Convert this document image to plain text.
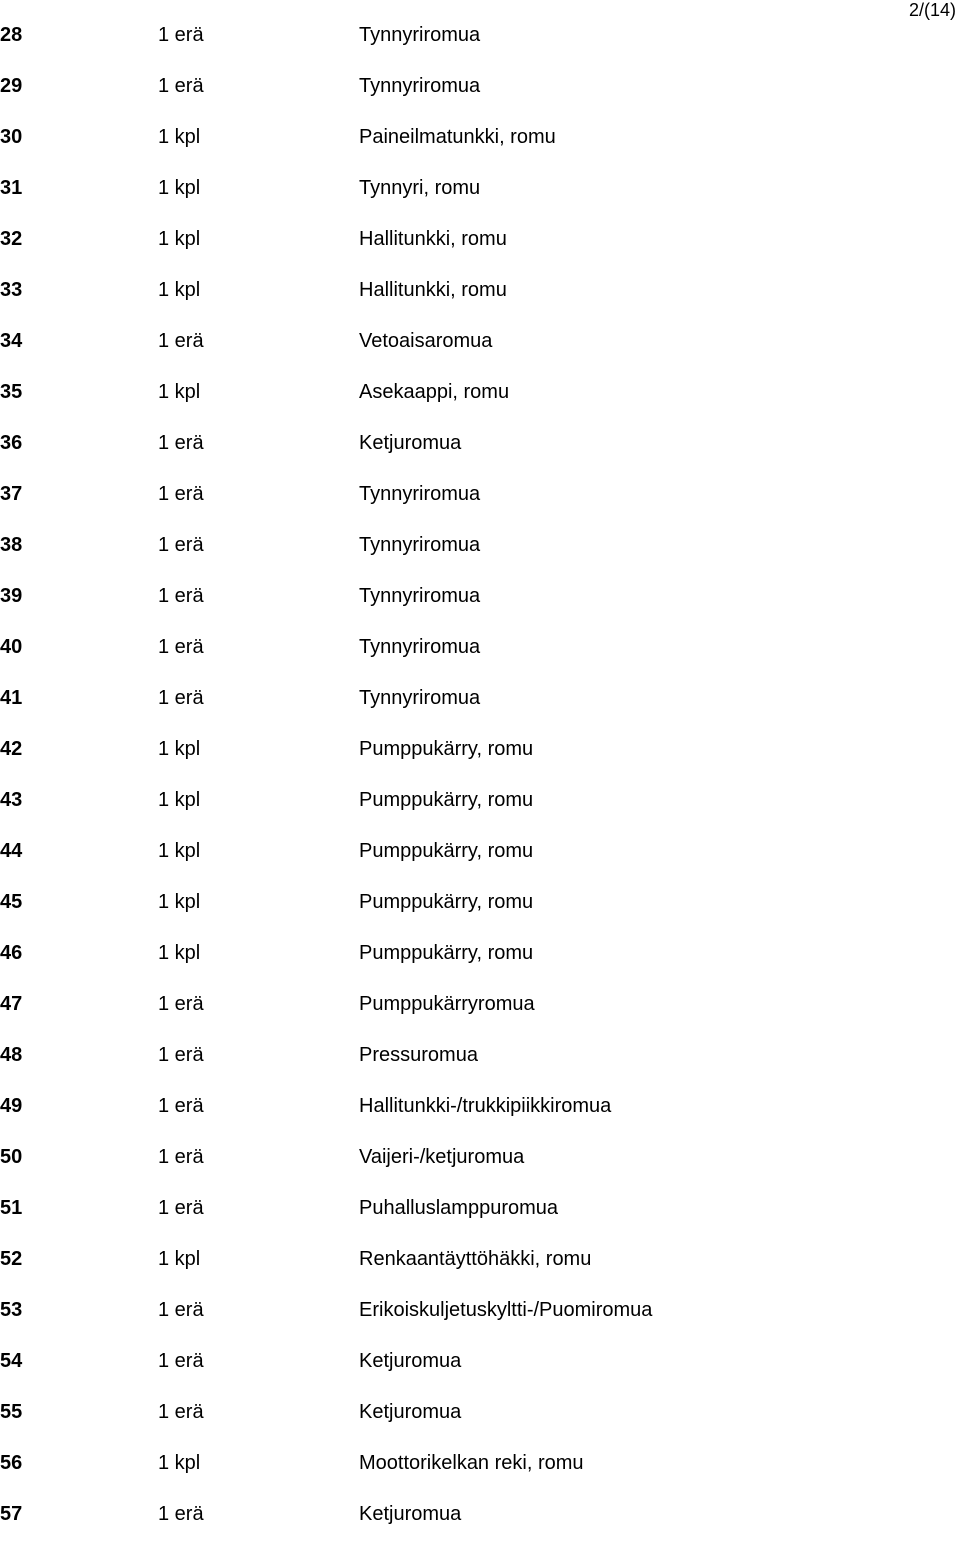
2/(14)
28	1 erä	Tynnyriromua
29	1 erä	Tynnyriromua
30	1 kpl	Paineilmatunkki, romu
31	1 kpl	Tynnyri, romu
32	1 kpl	Hallitunkki, romu
33	1 kpl	Hallitunkki, romu
34	1 erä	Vetoaisaromua
35	1 kpl	Asekaappi, romu
36	1 erä	Ketjuromua
37	1 erä	Tynnyriromua
38	1 erä	Tynnyriromua
39	1 erä	Tynnyriromua
40	1 erä	Tynnyriromua
41	1 erä	Tynnyriromua
42	1 kpl	Pumppukärry, romu
43	1 kpl	Pumppukärry, romu
44	1 kpl	Pumppukärry, romu
45	1 kpl	Pumppukärry, romu
46	1 kpl	Pumppukärry, romu
47	1 erä	Pumppukärryromua
48	1 erä	Pressuromua
49	1 erä	Hallitunkki-/trukkipiikkiromua
50	1 erä	Vaijeri-/ketjuromua
51	1 erä	Puhalluslamppuromua
52	1 kpl	Renkaantäyttöhäkki, romu
53	1 erä	Erikoiskuljetuskyltti-/Puomiromua
54	1 erä	Ketjuromua
55	1 erä	Ketjuromua
56	1 kpl	Moottorikelkan reki, romu
57	1 erä	Ketjuromua
